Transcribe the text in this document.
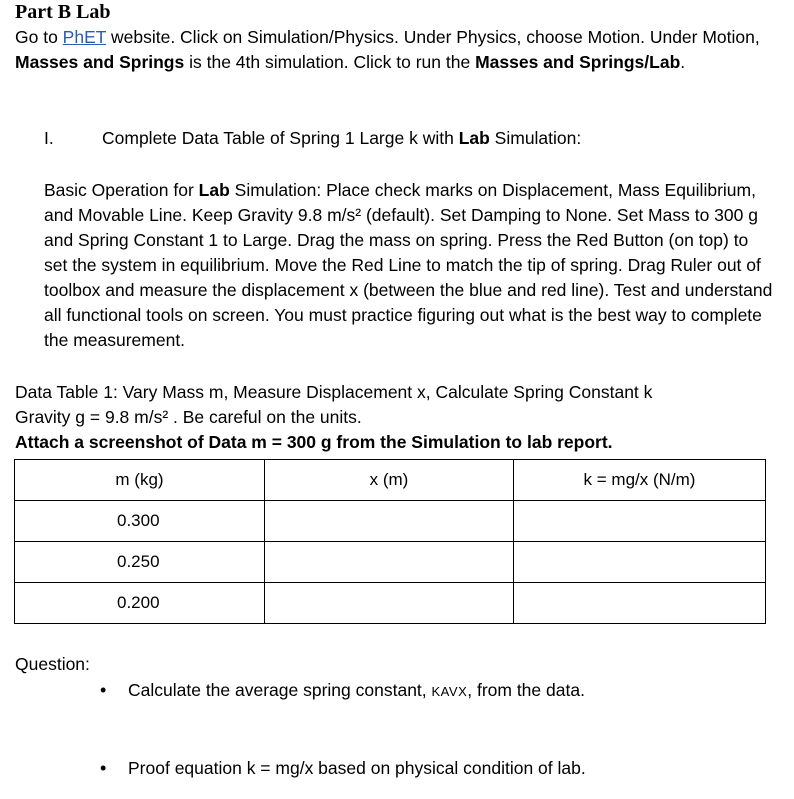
Part B Lab
Go to PhET website. Click on Simulation/Physics. Under Physics, choose Motion. Under Motion, Masses and Springs is the 4th simulation. Click to run the Masses and Springs/Lab.
I.	Complete Data Table of Spring 1 Large k with Lab Simulation:
Basic Operation for Lab Simulation: Place check marks on Displacement, Mass Equilibrium, and Movable Line. Keep Gravity 9.8 m/s² (default). Set Damping to None. Set Mass to 300 g and Spring Constant 1 to Large. Drag the mass on spring. Press the Red Button (on top) to set the system in equilibrium. Move the Red Line to match the tip of spring. Drag Ruler out of toolbox and measure the displacement x (between the blue and red line). Test and understand all functional tools on screen. You must practice figuring out what is the best way to complete the measurement.
Data Table 1: Vary Mass m, Measure Displacement x, Calculate Spring Constant k
Gravity g = 9.8 m/s² . Be careful on the units.
Attach a screenshot of Data m = 300 g from the Simulation to lab report.
m (kg)	x (m)	k = mg/x (N/m)
0.300		
0.250		
0.200		
Question:
•	Calculate the average spring constant, KAVX, from the data.
•	Proof equation k = mg/x based on physical condition of lab.
